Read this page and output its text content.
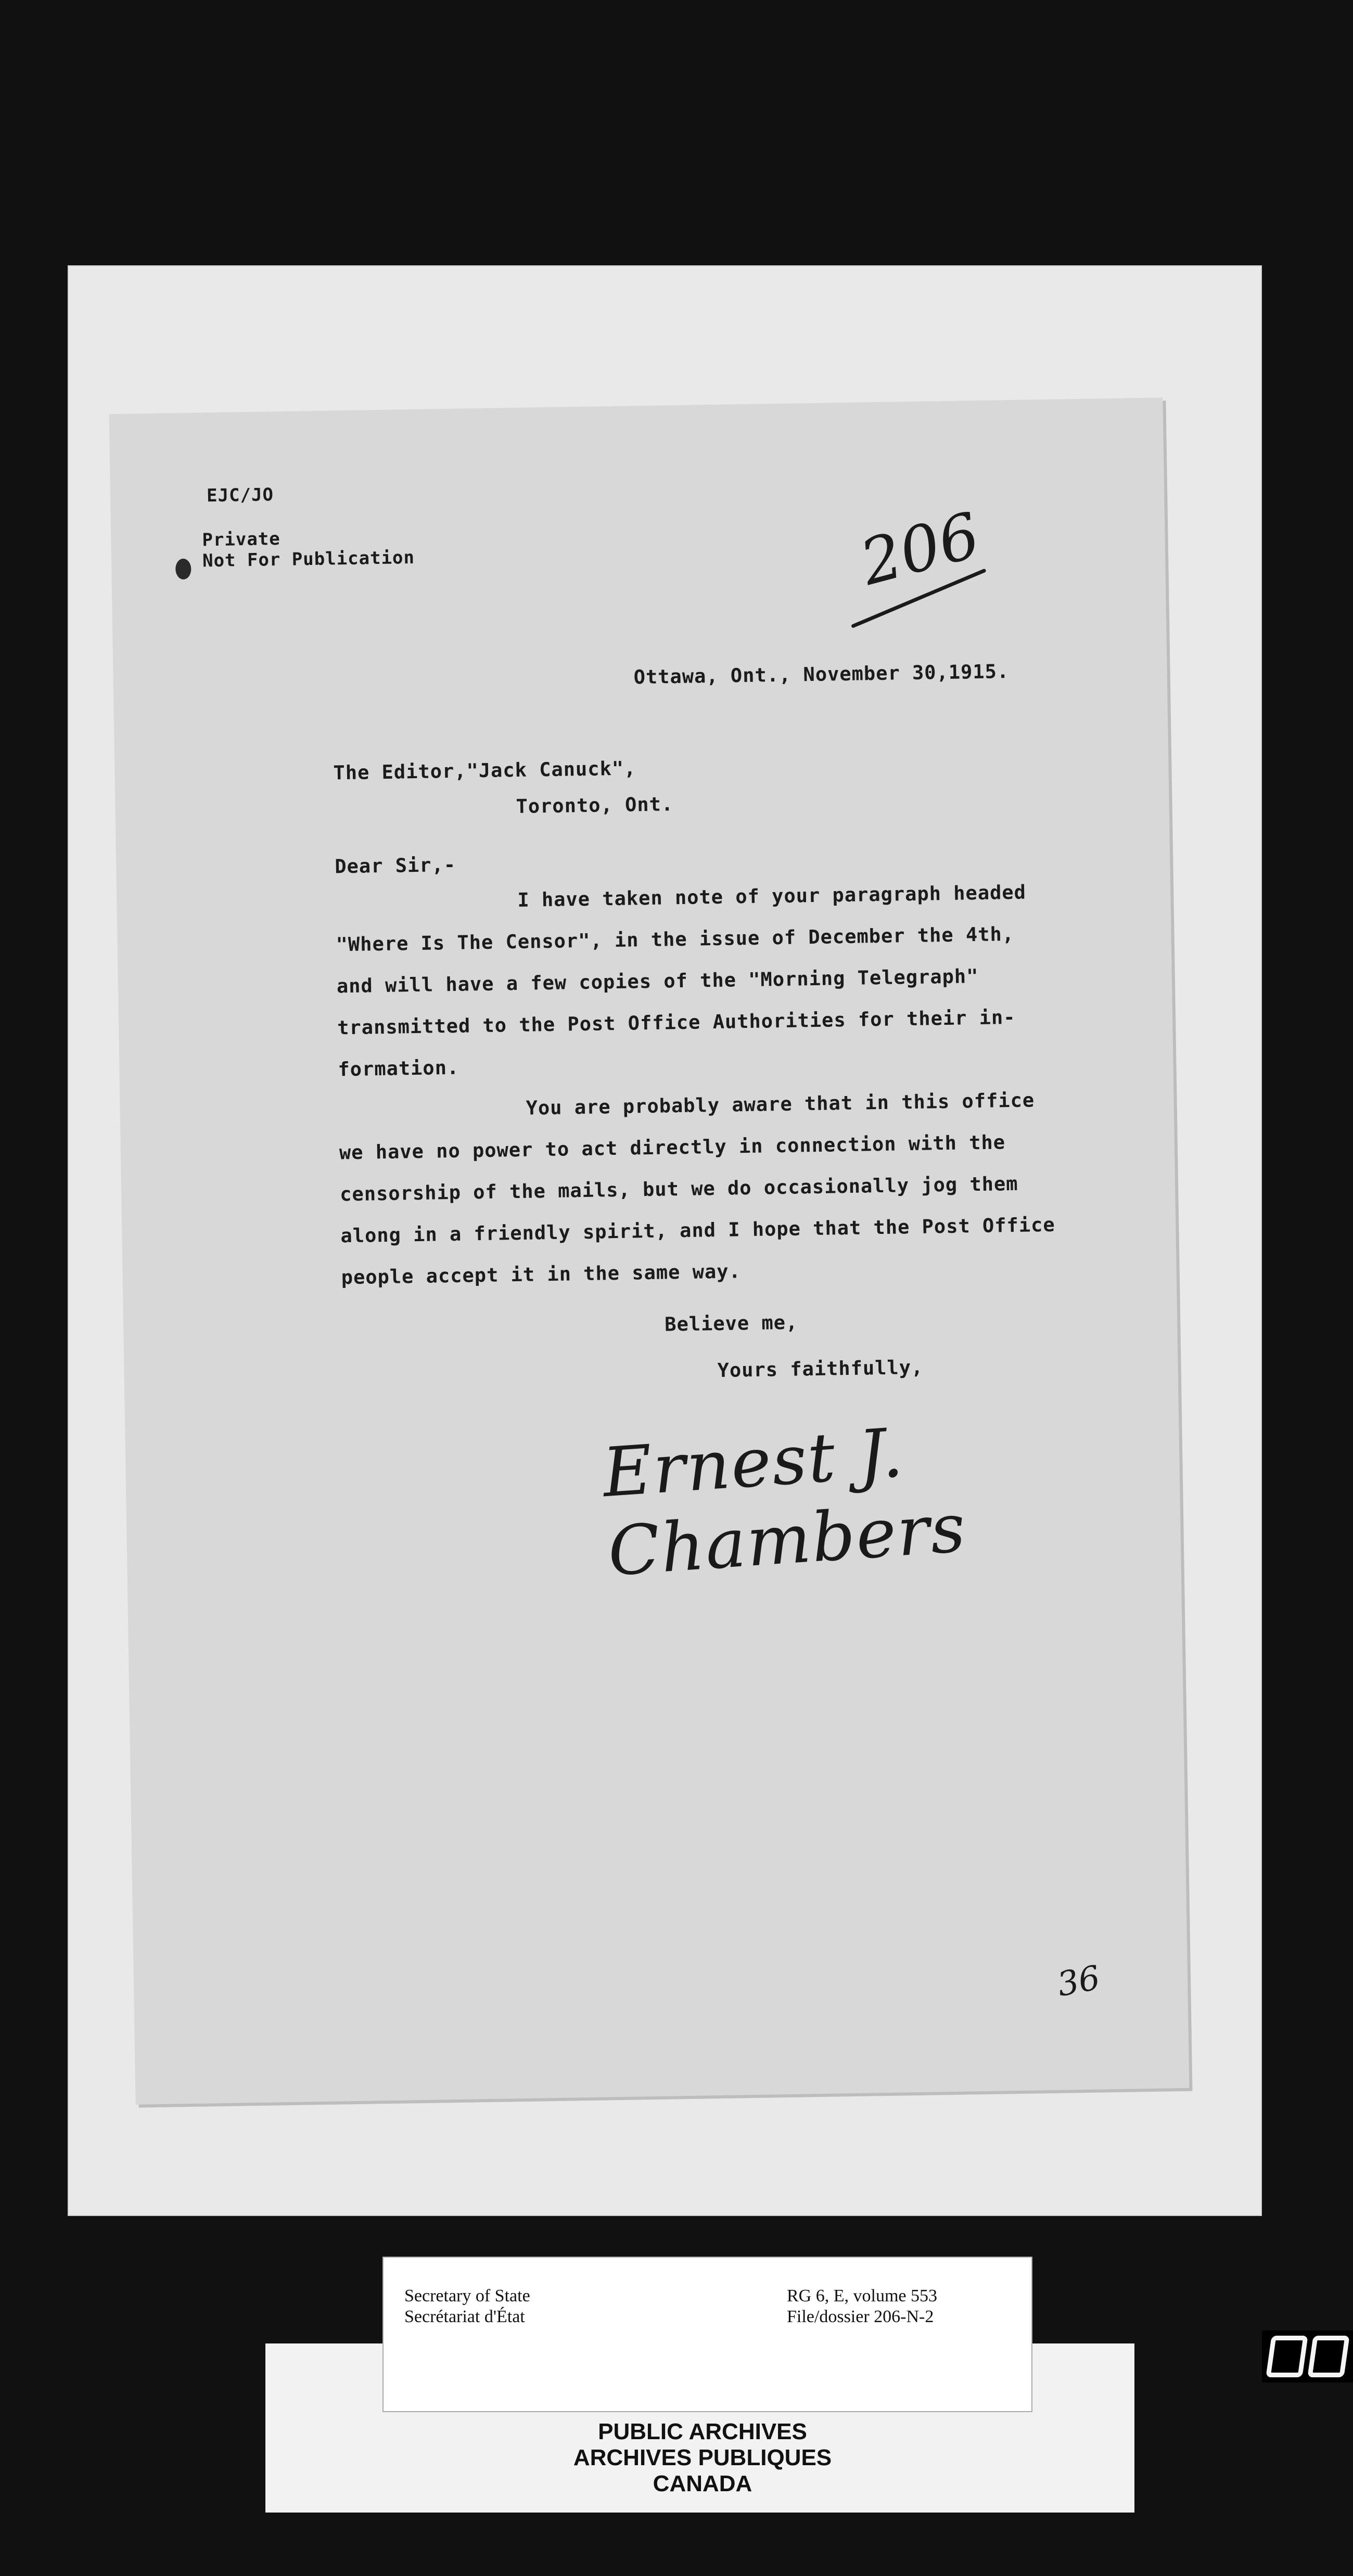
EJC/JO
Private
Not For Publication	206
Ottawa, Ont., November 30,1915.
The Editor,"Jack Canuck",
Toronto, Ont.
Dear Sir,-
I have taken note of your paragraph headed
"Where Is The Censor", in the issue of December the 4th,
and will have a few copies of the "Morning Telegraph"
transmitted to the Post Office Authorities for their in-
formation.
You are probably aware that in this office
we have no power to act directly in connection with the
censorship of the mails, but we do occasionally jog them
along in a friendly spirit, and I hope that the Post Office
people accept it in the same way.
Believe me,
Yours faithfully,
Ernest J. Chambers
36
PUBLIC ARCHIVES
ARCHIVES PUBLIQUES
CANADA
Secretary of State
Secrétariat d'État
RG 6, E, volume 553
File/dossier 206-N-2
